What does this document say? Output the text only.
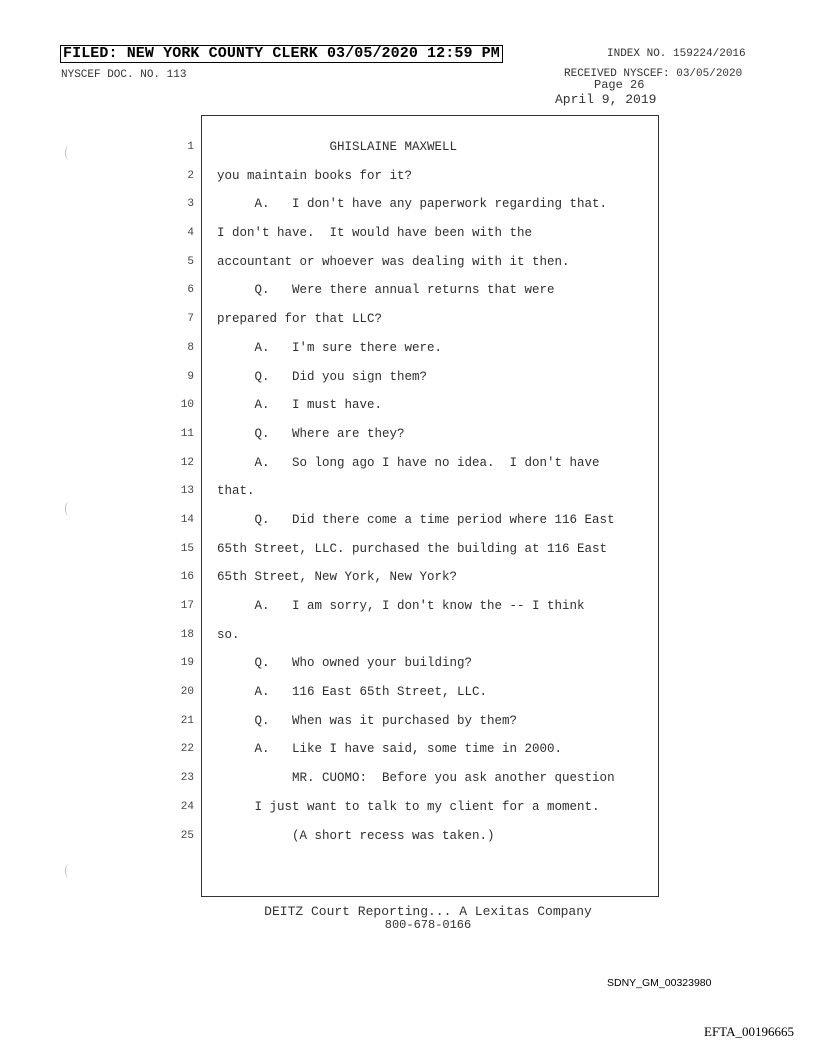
FILED: NEW YORK COUNTY CLERK 03/05/2020 12:59 PM
NYSCEF DOC. NO. 113
INDEX NO. 159224/2016
RECEIVED NYSCEF: 03/05/2020
Page 26
April 9, 2019
1
2
3
4
5
6
7
8
9
10
11
12
13
14
15
16
17
18
19
20
21
22
23
24
25
GHISLAINE MAXWELL
you maintain books for it?
A.   I don't have any paperwork regarding that.
I don't have.  It would have been with the
accountant or whoever was dealing with it then.
Q.   Were there annual returns that were
prepared for that LLC?
A.   I'm sure there were.
Q.   Did you sign them?
A.   I must have.
Q.   Where are they?
A.   So long ago I have no idea.  I don't have
that.
Q.   Did there come a time period where 116 East
65th Street, LLC. purchased the building at 116 East
65th Street, New York, New York?
A.   I am sorry, I don't know the -- I think
so.
Q.   Who owned your building?
A.   116 East 65th Street, LLC.
Q.   When was it purchased by them?
A.   Like I have said, some time in 2000.
MR. CUOMO:  Before you ask another question
I just want to talk to my client for a moment.
(A short recess was taken.)
DEITZ Court Reporting... A Lexitas Company
800-678-0166
SDNY_GM_00323980
EFTA_00196665
